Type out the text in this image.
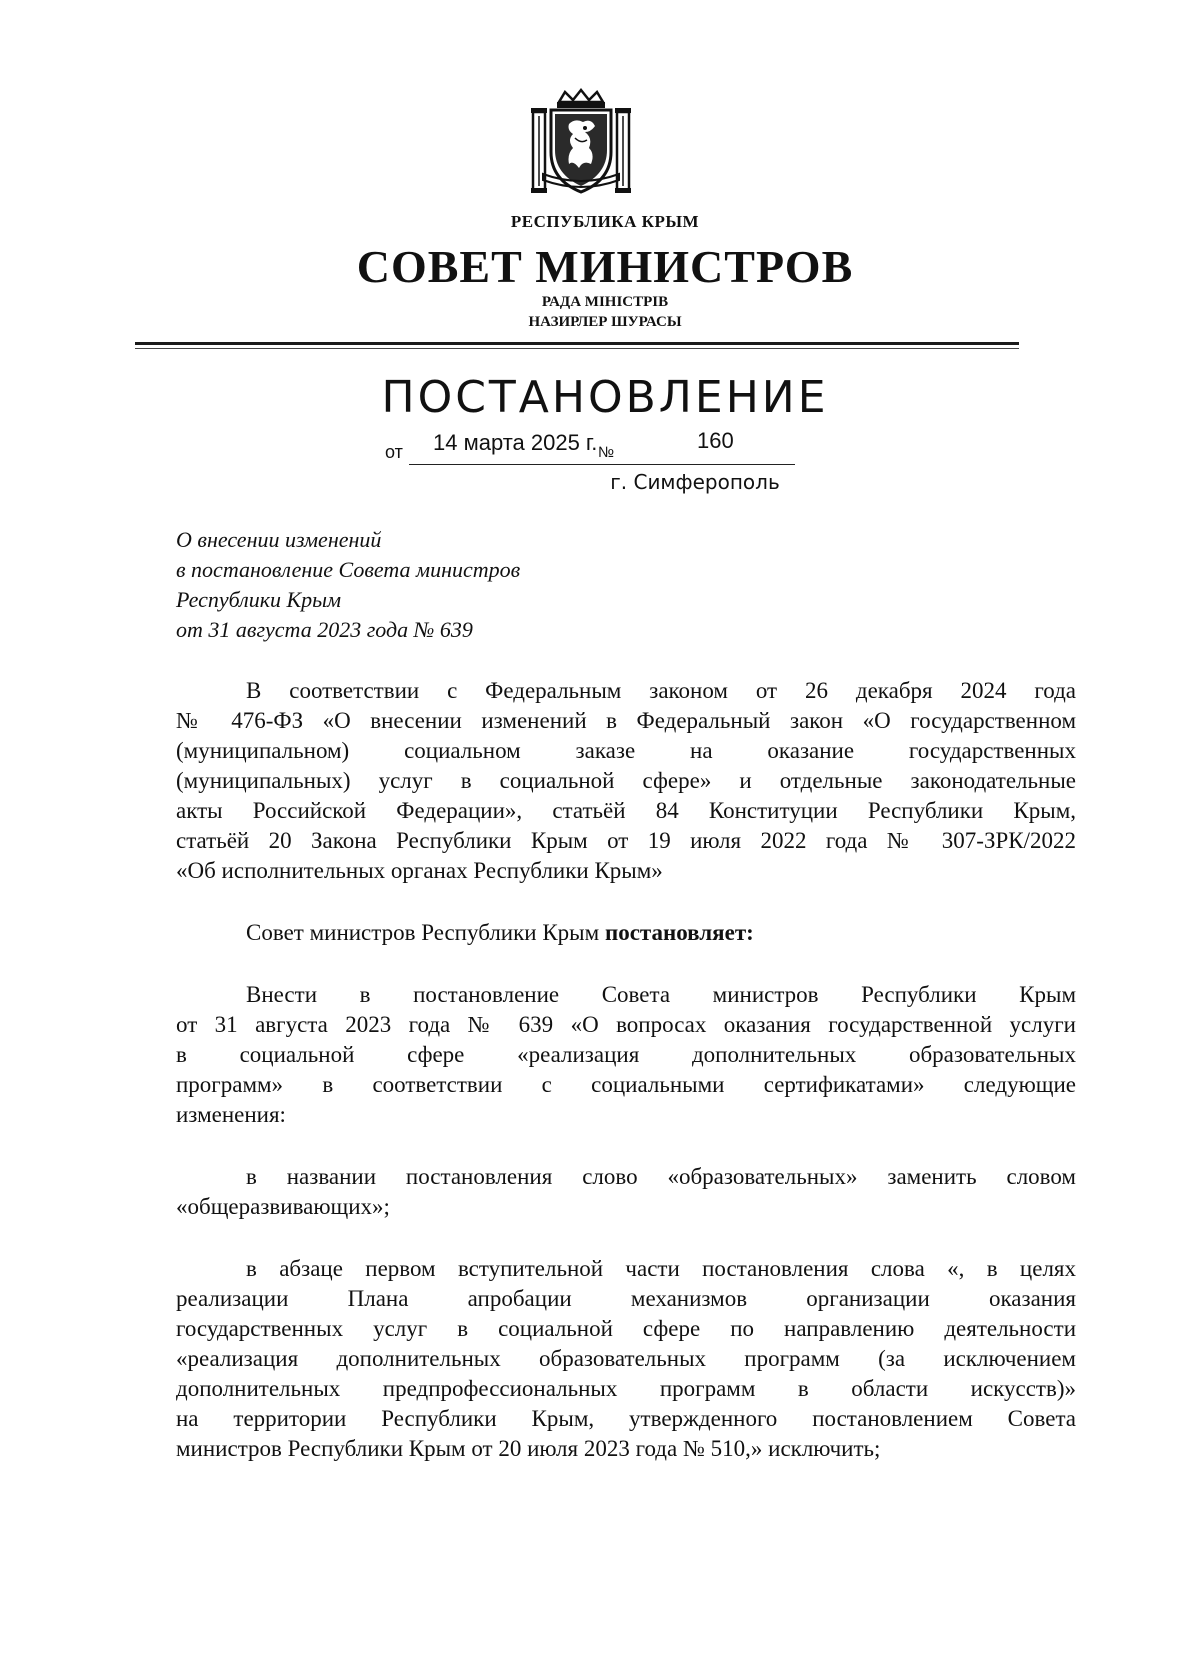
РЕСПУБЛИКА КРЫМ
СОВЕТ МИНИСТРОВ
РАДА МІНІСТРІВ
НАЗИРЛЕР ШУРАСЫ
ПОСТАНОВЛЕНИЕ
от 14 марта 2025 г. №	160
г. Симферополь
О внесении изменений
в постановление Совета министров
Республики Крым
от 31 августа 2023 года № 639
В соответствии с Федеральным законом от 26 декабря 2024 года
№ 476-ФЗ «О внесении изменений в Федеральный закон «О государственном
(муниципальном) социальном заказе на оказание государственных
(муниципальных) услуг в социальной сфере» и отдельные законодательные
акты Российской Федерации», статьёй 84 Конституции Республики Крым,
статьёй 20 Закона Республики Крым от 19 июля 2022 года № 307-ЗРК/2022
«Об исполнительных органах Республики Крым»
Совет министров Республики Крым постановляет:
Внести в постановление Совета министров Республики Крым
от 31 августа 2023 года № 639 «О вопросах оказания государственной услуги
в социальной сфере «реализация дополнительных образовательных
программ» в соответствии с социальными сертификатами» следующие
изменения:
в названии постановления слово «образовательных» заменить словом
«общеразвивающих»;
в абзаце первом вступительной части постановления слова «, в целях
реализации Плана апробации механизмов организации оказания
государственных услуг в социальной сфере по направлению деятельности
«реализация дополнительных образовательных программ (за исключением
дополнительных предпрофессиональных программ в области искусств)»
на территории Республики Крым, утвержденного постановлением Совета
министров Республики Крым от 20 июля 2023 года № 510,» исключить;
